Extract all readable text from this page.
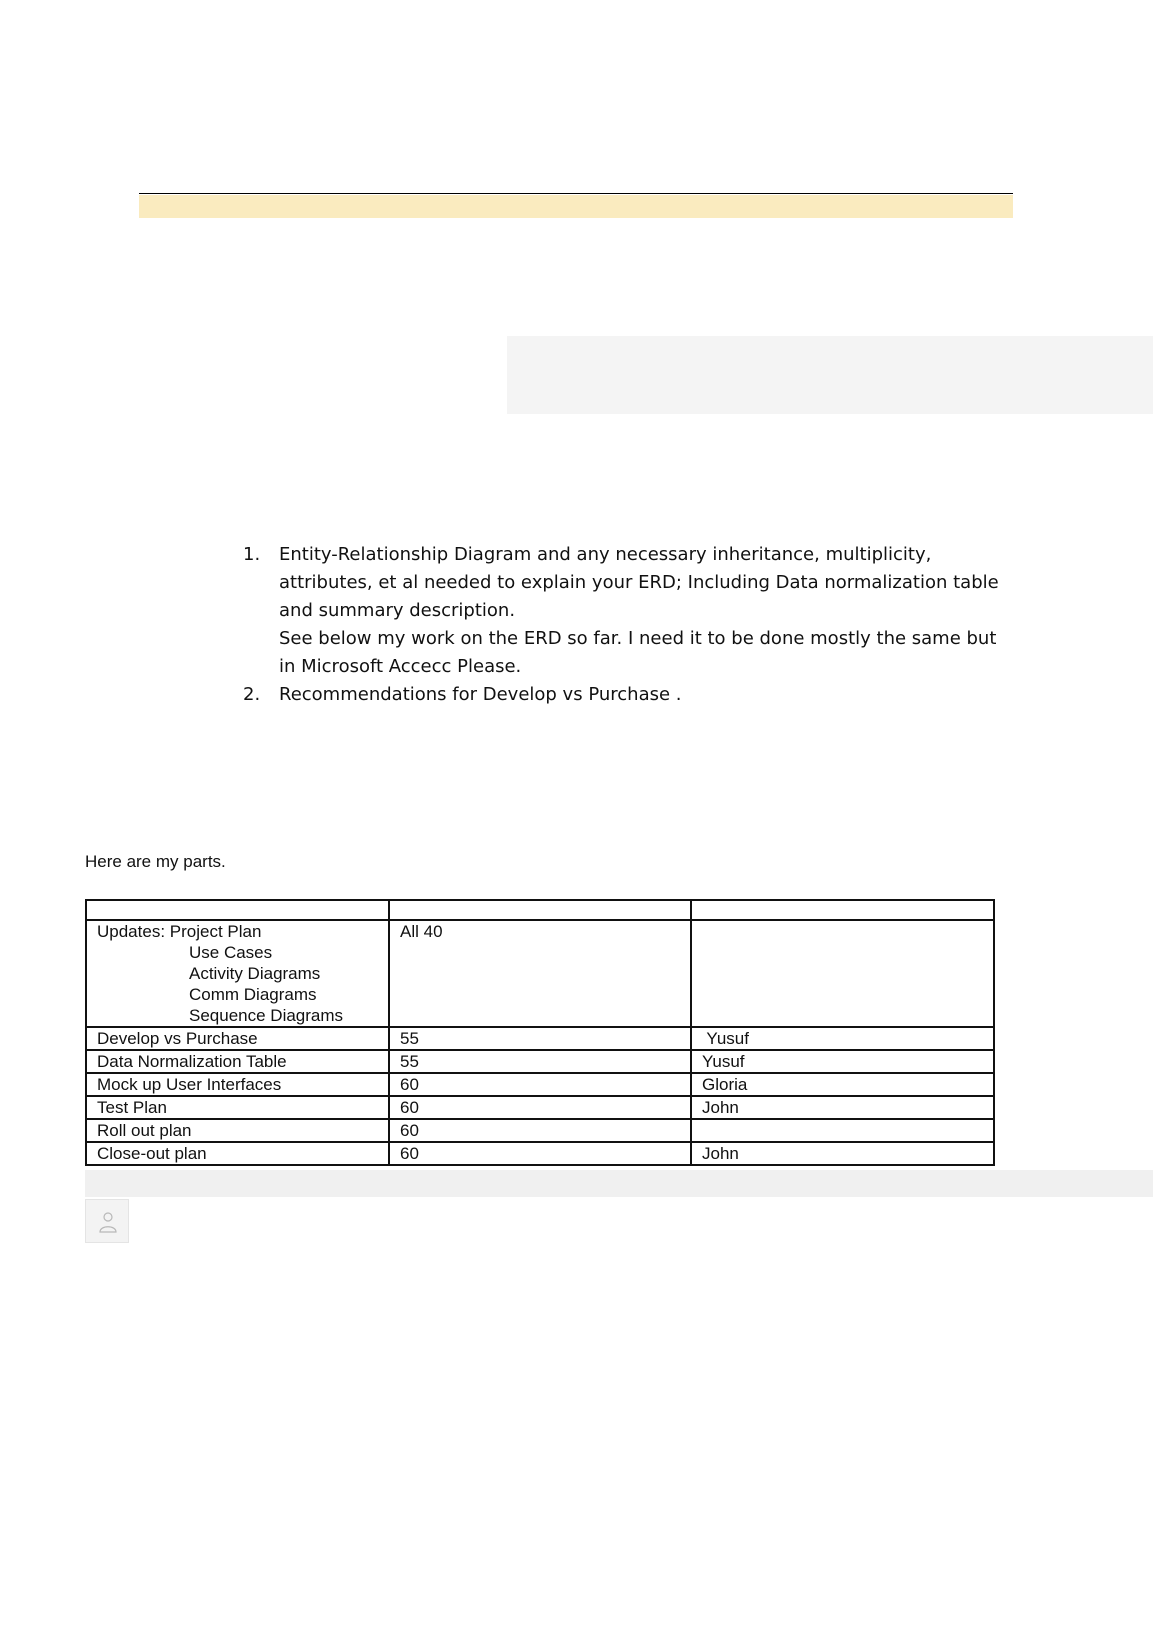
1. Entity-Relationship Diagram and any necessary inheritance, multiplicity, attributes, et al needed to explain your ERD; Including Data normalization table and summary description.

See below my work on the ERD so far. I need it to be done mostly the same but in Microsoft Accecc Please.

2. Recommendations for Develop vs Purchase .

Here are my parts.

Updates: Project Plan
Use Cases
Activity Diagrams
Comm Diagrams
Sequence Diagrams	All 40	
Develop vs Purchase	55	Yusuf
Data Normalization Table	55	Yusuf
Mock up User Interfaces	60	Gloria
Test Plan	60	John
Roll out plan	60	
Close-out plan	60	John
